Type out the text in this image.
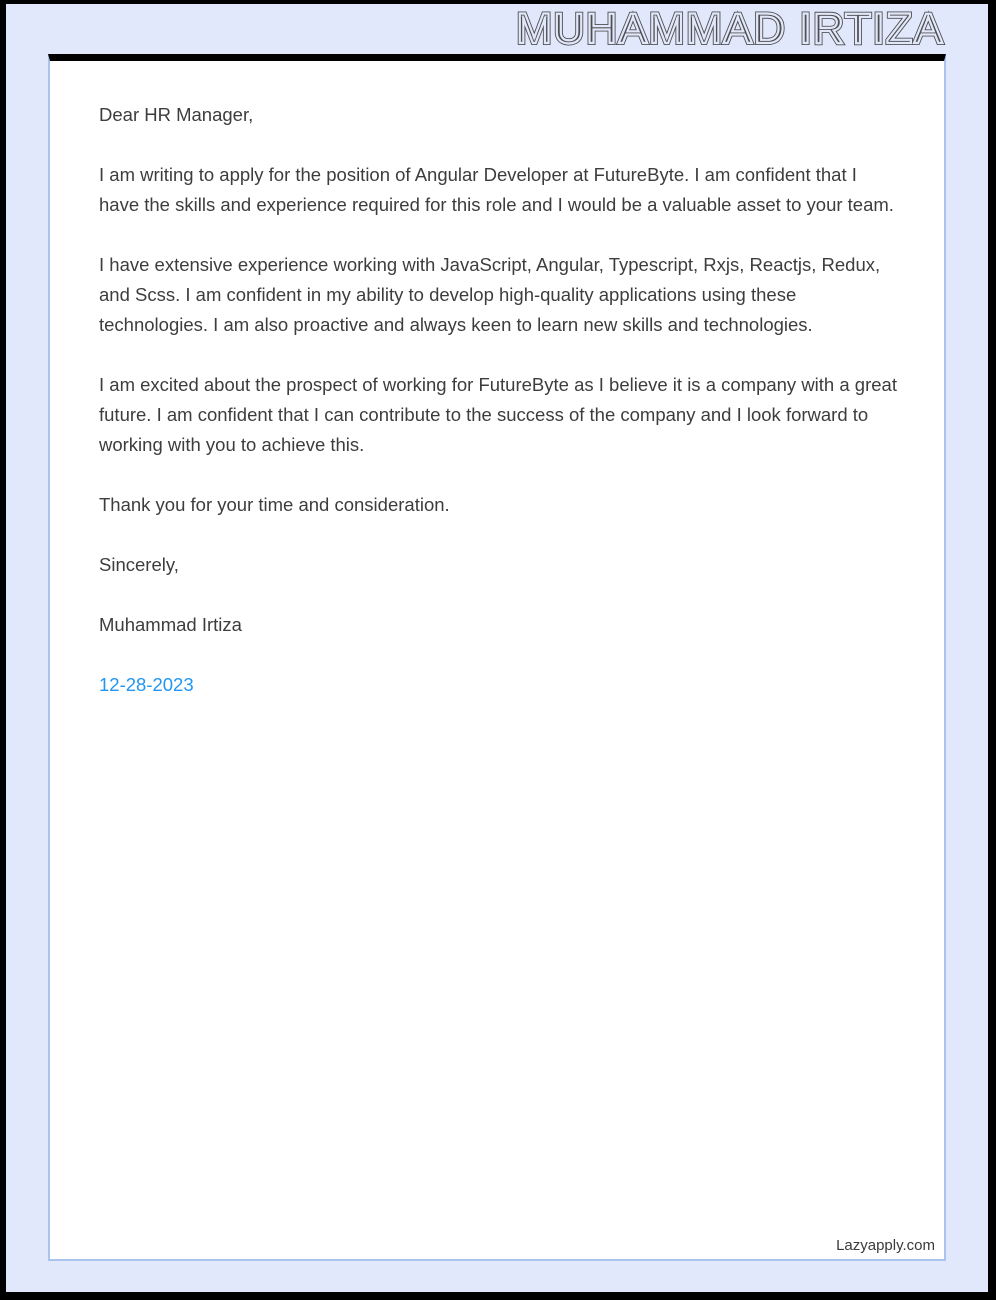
MUHAMMAD IRTIZA MUHAMMAD IRTIZA

Dear HR Manager,

I am writing to apply for the position of Angular Developer at FutureByte. I am confident that I have the skills and experience required for this role and I would be a valuable asset to your team.

I have extensive experience working with JavaScript, Angular, Typescript, Rxjs, Reactjs, Redux, and Scss. I am confident in my ability to develop high-quality applications using these technologies. I am also proactive and always keen to learn new skills and technologies.

I am excited about the prospect of working for FutureByte as I believe it is a company with a great future. I am confident that I can contribute to the success of the company and I look forward to working with you to achieve this.

Thank you for your time and consideration.

Sincerely,

Muhammad Irtiza

12-28-2023

Lazyapply.com
